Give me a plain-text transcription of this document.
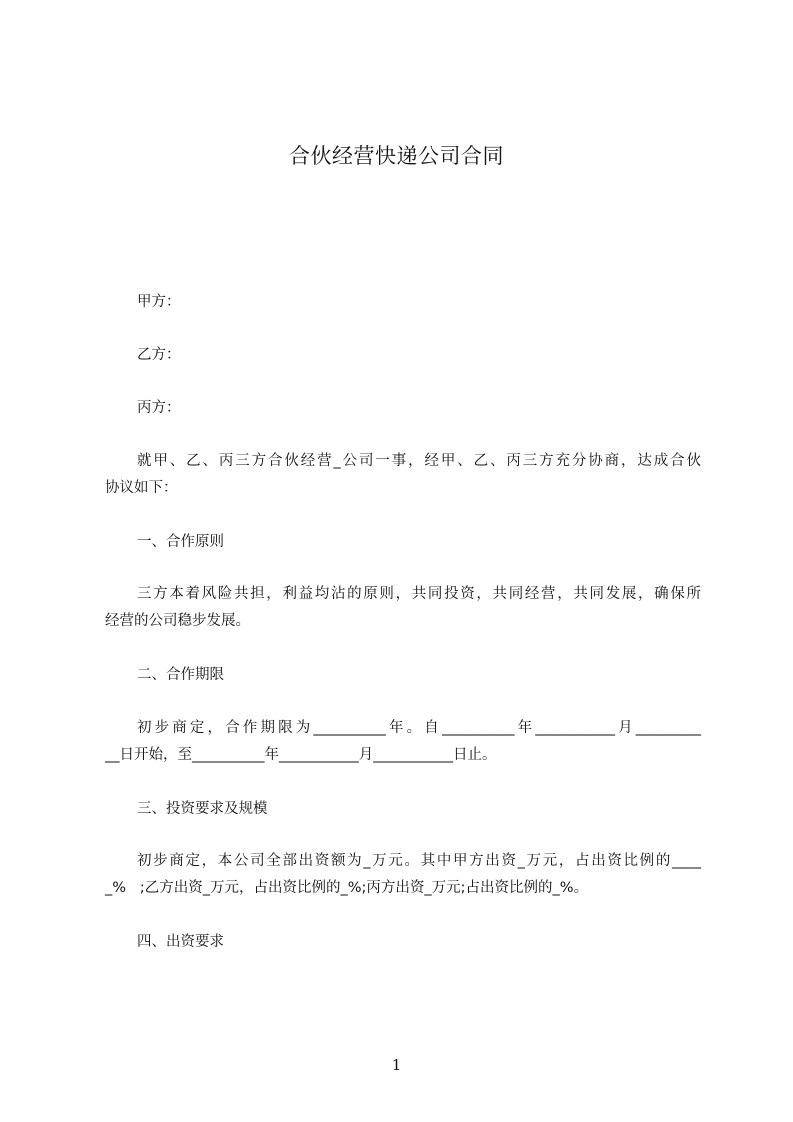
合伙经营快递公司合同

甲方：

乙方：

丙方：

就甲、乙、丙三方合伙经营_公司一事，经甲、乙、丙三方充分协商，达成合伙

协议如下：

一、合作原则

三方本着风险共担，利益均沾的原则，共同投资，共同经营，共同发展，确保所

经营的公司稳步发展。

二、合作期限

初步商定，合作期限为__________年。自__________年___________月_________

__日开始，至__________年___________月___________日止。

三、投资要求及规模

初步商定，本公司全部出资额为_万元。其中甲方出资_万元，占出资比例的____

_%   ;乙方出资_万元，占出资比例的_%;丙方出资_万元;占出资比例的_%。

四、出资要求

1
